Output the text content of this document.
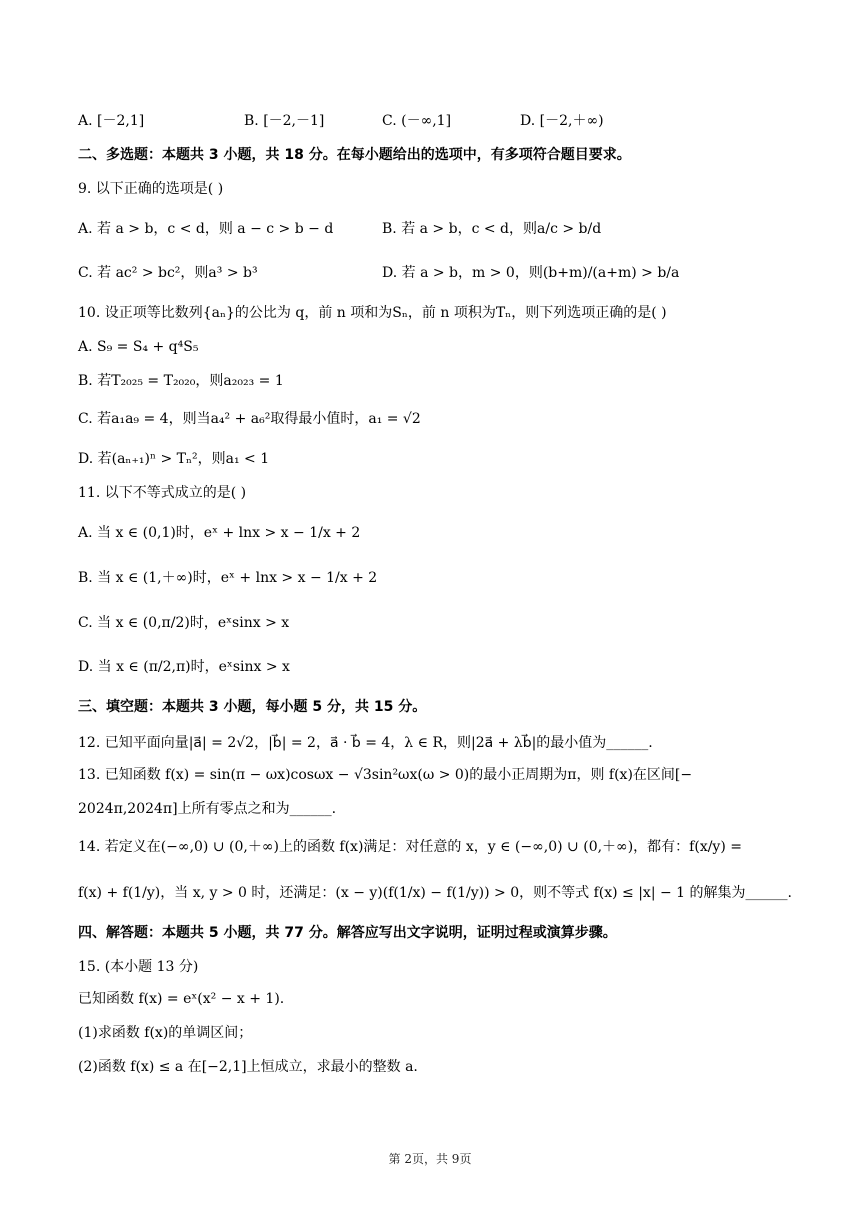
A. [－2,1]	B. [－2,－1]	C. (－∞,1]	D. [－2,＋∞)
二、多选题：本题共 3 小题，共 18 分。在每小题给出的选项中，有多项符合题目要求。
9. 以下正确的选项是( )
A. 若 a > b，c < d，则 a − c > b − d	B. 若 a > b，c < d，则a/c > b/d
C. 若 ac² > bc²，则a³ > b³	D. 若 a > b，m > 0，则(b+m)/(a+m) > b/a
10. 设正项等比数列{aₙ}的公比为 q，前 n 项和为Sₙ，前 n 项积为Tₙ，则下列选项正确的是( )
A. S₉ = S₄ + q⁴S₅
B. 若T₂₀₂₅ = T₂₀₂₀，则a₂₀₂₃ = 1
C. 若a₁a₉ = 4，则当a₄² + a₆²取得最小值时，a₁ = √2
D. 若(aₙ₊₁)ⁿ > Tₙ²，则a₁ < 1
11. 以下不等式成立的是( )
A. 当 x ∈ (0,1)时，eˣ + lnx > x − 1/x + 2
B. 当 x ∈ (1,＋∞)时，eˣ + lnx > x − 1/x + 2
C. 当 x ∈ (0,π/2)时，eˣsinx > x
D. 当 x ∈ (π/2,π)时，eˣsinx > x
三、填空题：本题共 3 小题，每小题 5 分，共 15 分。
12. 已知平面向量|a⃗| = 2√2，|b⃗| = 2，a⃗ · b⃗ = 4，λ ∈ R，则|2a⃗ + λb⃗|的最小值为______.
13. 已知函数 f(x) = sin(π − ωx)cosωx − √3sin²ωx(ω > 0)的最小正周期为π，则 f(x)在区间[−
2024π,2024π]上所有零点之和为______.
14. 若定义在(−∞,0) ∪ (0,＋∞)上的函数 f(x)满足：对任意的 x，y ∈ (−∞,0) ∪ (0,＋∞)，都有：f(x/y) =
f(x) + f(1/y)，当 x, y > 0 时，还满足：(x − y)(f(1/x) − f(1/y)) > 0，则不等式 f(x) ≤ |x| − 1 的解集为______.
四、解答题：本题共 5 小题，共 77 分。解答应写出文字说明，证明过程或演算步骤。
15. (本小题 13 分)
已知函数 f(x) = eˣ(x² − x + 1).
(1)求函数 f(x)的单调区间；
(2)函数 f(x) ≤ a 在[−2,1]上恒成立，求最小的整数 a.
第 2页，共 9页
